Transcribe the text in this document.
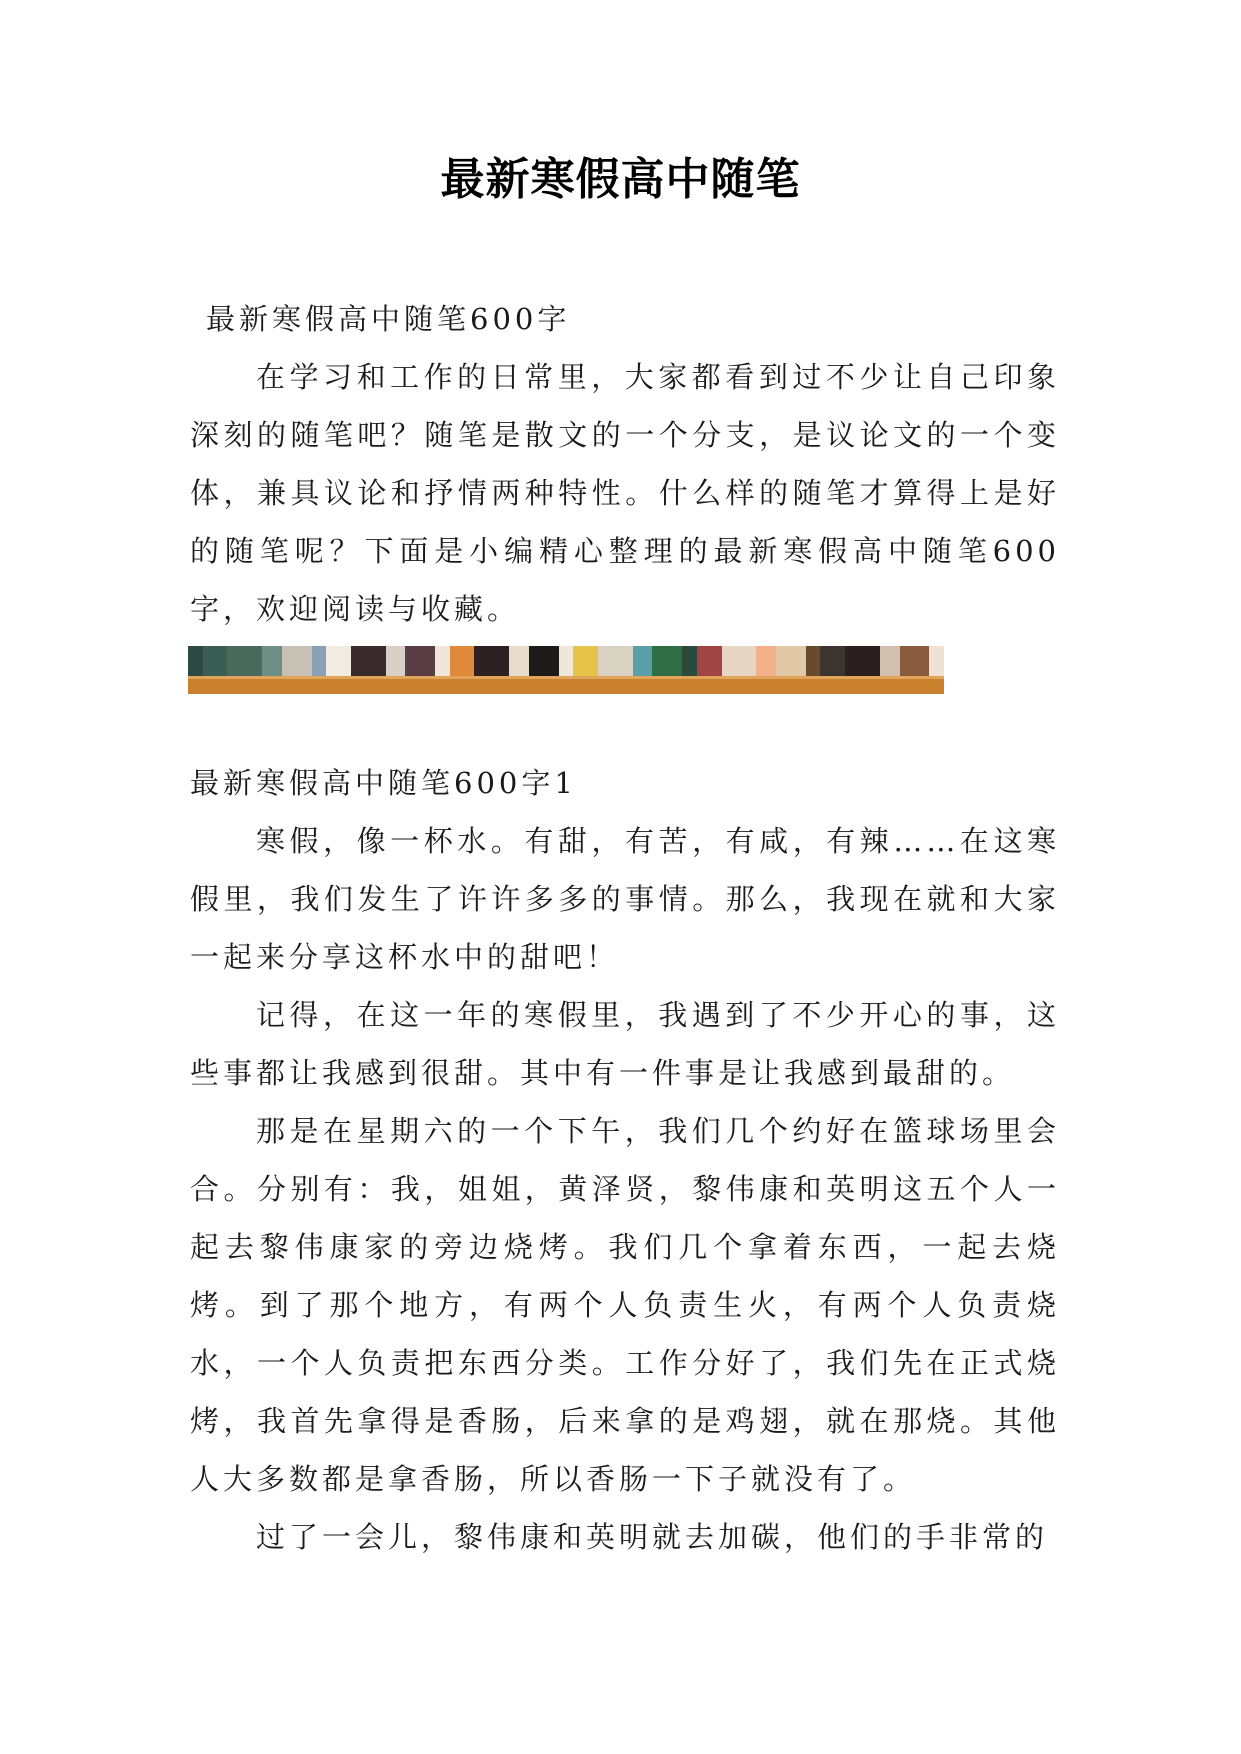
最新寒假高中随笔

最新寒假高中随笔600字

在学习和工作的日常里，大家都看到过不少让自己印象深刻的随笔吧？随笔是散文的一个分支，是议论文的一个变体，兼具议论和抒情两种特性。什么样的随笔才算得上是好的随笔呢？下面是小编精心整理的最新寒假高中随笔600字，欢迎阅读与收藏。

最新寒假高中随笔600字1

寒假，像一杯水。有甜，有苦，有咸，有辣……在这寒假里，我们发生了许许多多的事情。那么，我现在就和大家一起来分享这杯水中的甜吧！

记得，在这一年的寒假里，我遇到了不少开心的事，这些事都让我感到很甜。其中有一件事是让我感到最甜的。

那是在星期六的一个下午，我们几个约好在篮球场里会合。分别有：我，姐姐，黄泽贤，黎伟康和英明这五个人一起去黎伟康家的旁边烧烤。我们几个拿着东西，一起去烧烤。到了那个地方，有两个人负责生火，有两个人负责烧水，一个人负责把东西分类。工作分好了，我们先在正式烧烤，我首先拿得是香肠，后来拿的是鸡翅，就在那烧。其他人大多数都是拿香肠，所以香肠一下子就没有了。

过了一会儿，黎伟康和英明就去加碳，他们的手非常的
